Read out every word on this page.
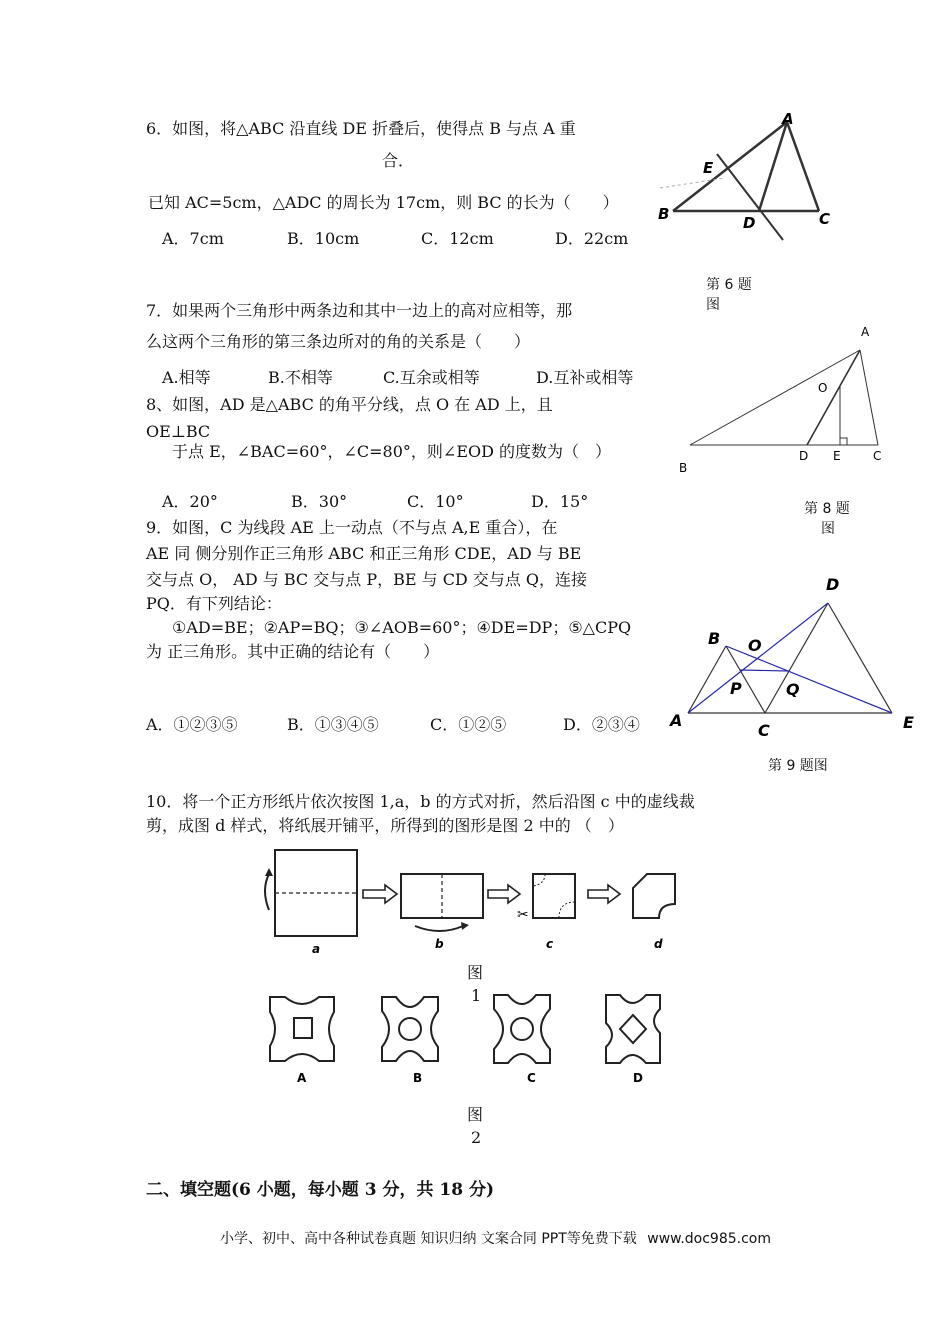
6．如图，将△ABC 沿直线 DE 折叠后，使得点 B 与点 A 重
合．
已知 AC=5cm，△ADC 的周长为 17cm，则 BC 的长为（　　）
A．7cm	B．10cm	C．12cm	D．22cm
A
B	C
D
E
第 6 题
图
7．如果两个三角形中两条边和其中一边上的高对应相等，那
么这两个三角形的第三条边所对的角的关系是（　　）
A.相等	B.不相等	C.互余或相等	D.互补或相等
8、如图，AD 是△ABC 的角平分线，点 O 在 AD 上，且
OE⊥BC
于点 E，∠BAC=60°，∠C=80°，则∠EOD 的度数为（　）
A．20°	B．30°	C．10°	D．15°
A
O
B
D E	C
第 8 题
图
9．如图，C 为线段 AE 上一动点（不与点 A,E 重合），在
AE 同 侧分别作正三角形 ABC 和正三角形 CDE，AD 与 BE
交与点 O， AD 与 BC 交与点 P，BE 与 CD 交与点 Q，连接
PQ．有下列结论：
①AD=BE；②AP=BQ；③∠AOB=60°；④DE=DP；⑤△CPQ
为 正三角形。其中正确的结论有（　　）
A．①②③⑤	B．①③④⑤	C．①②⑤	D．②③④
D
B O
P	Q
A
C	E
第 9 题图
10．将一个正方形纸片依次按图 1,a，b 的方式对折，然后沿图 c 中的虚线裁
剪，成图 d 样式，将纸展开铺平，所得到的图形是图 2 中的 （　）
✂
a	b	c	d
图
1
A	B	C	D
图
2
二、填空题(6 小题，每小题 3 分，共 18 分)
小学、初中、高中各种试卷真题 知识归纳 文案合同 PPT等免费下载 www.doc985.com
